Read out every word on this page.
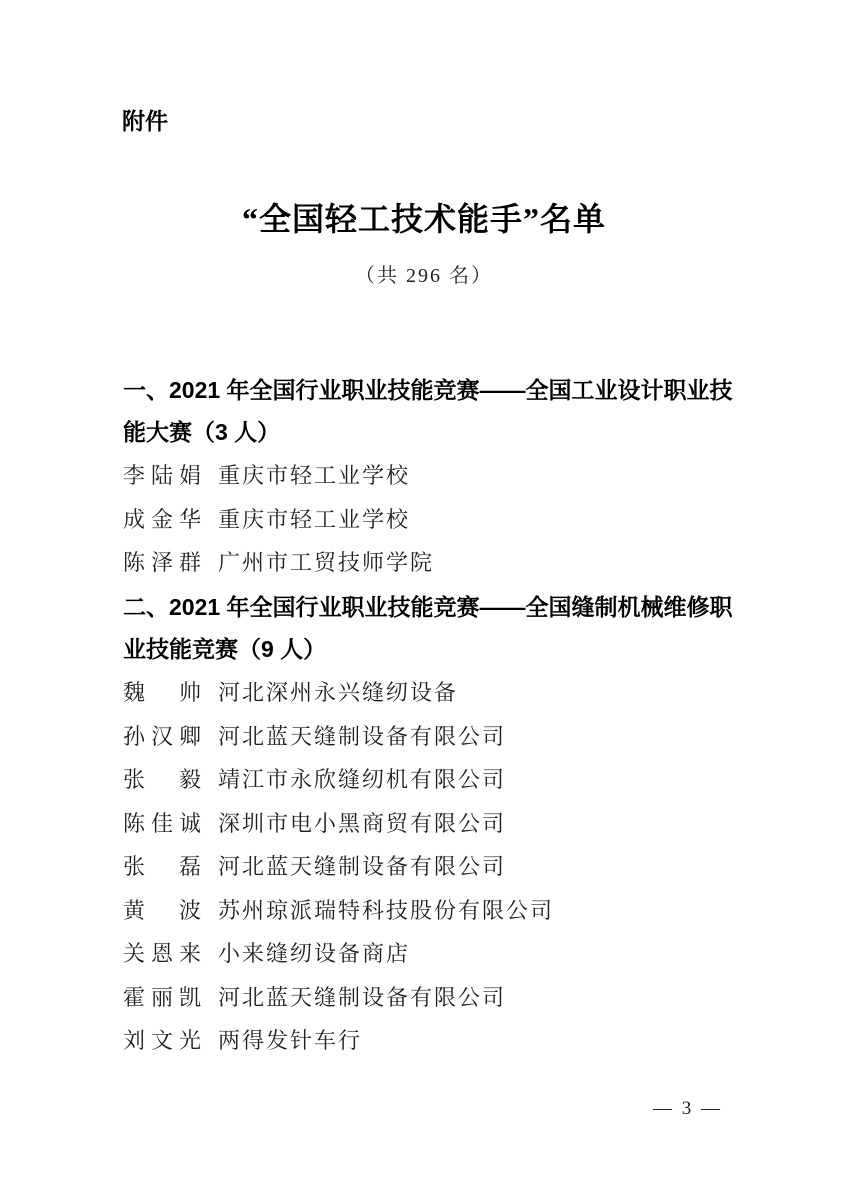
附件
“全国轻工技术能手”名单
（共 296 名）
一、2021 年全国行业职业技能竞赛——全国工业设计职业技
能大赛（3 人）
李陆娟 重庆市轻工业学校
成金华 重庆市轻工业学校
陈泽群 广州市工贸技师学院
二、2021 年全国行业职业技能竞赛——全国缝制机械维修职
业技能竞赛（9 人）
魏　帅 河北深州永兴缝纫设备
孙汉卿 河北蓝天缝制设备有限公司
张　毅 靖江市永欣缝纫机有限公司
陈佳诚 深圳市电小黑商贸有限公司
张　磊 河北蓝天缝制设备有限公司
黄　波 苏州琼派瑞特科技股份有限公司
关恩来 小来缝纫设备商店
霍丽凯 河北蓝天缝制设备有限公司
刘文光 两得发针车行
— 3 —
